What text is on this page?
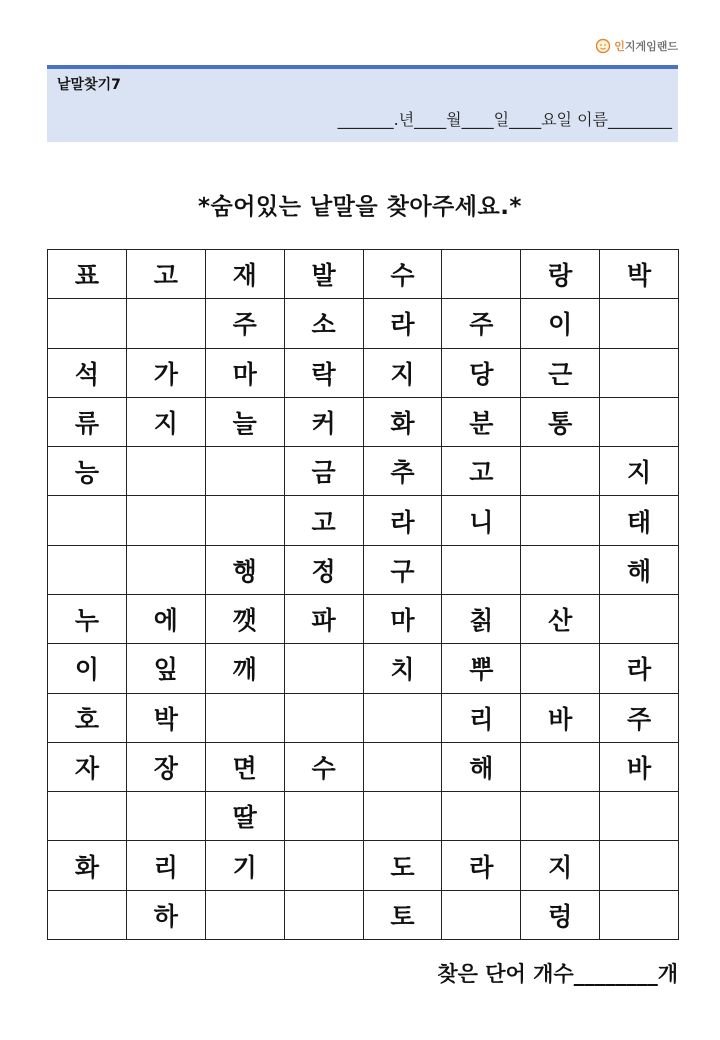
인 지게임랜드
낱말찾기7
_______.년____월____일____요일 이름________
*숨어있는 낱말을 찾아주세요.*
표	고	재	발	수		랑	박
		주	소	라	주	이	
석	가	마	락	지	당	근	
류	지	늘	커	화	분	통	
능			금	추	고		지
			고	라	니		태
		행	정	구			해
누	에	깻	파	마	칡	산	
이	잎	깨		치	뿌		라
호	박				리	바	주
자	장	면	수		해		바
		딸					
화	리	기		도	라	지	
	하			토		렁	
찾은 단어 개수________개
